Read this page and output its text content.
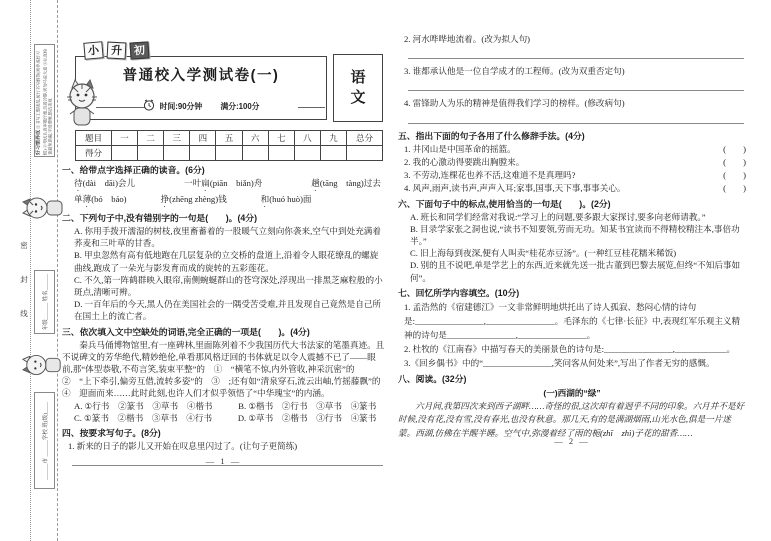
好习惯养成 ①书写工整规范,按行书写解答(须养成好习惯) ②考试认真审题仔细,沉着冷静,切勿马虎大意 ③认真检查避免错漏,字迹清晰,整洁美观
年级______ 姓名______
______市 ______学校 班(级)____
密
封
线
普通校入学测试卷(一)
时间:90分钟 满分:100分
语文
小 升 初
题目	一	二	三	四	五	六	七	八	九	总分
得分										
一、给带点字选择正确的读音。(6分)
待(dài　dāi)会儿	一叶扁(piān　biǎn)舟	趟(tāng　tàng)过去
单薄(bó　báo)	挣(zhēng zhèng)钱	和(huó huò)面
二、下列句子中,没有错别字的一句是(　　)。(4分)
A. 你用手拨开濡湿的树枝,夜里畜蓄着的一股暖气立刻向你袭来,空气中到处充满着荞麦和三叶草的甘香。
B. 甲虫忽然有高有低地跑在几层复杂的立交桥的盘道上,沿着令人眼花缭乱的螺旋曲线,跑成了一朵光与影发育而成的旋转的五彩莲花。
C. 不久,第一阵鹤群映入眼帘,南侧蜿蜒群山的苍穹深处,浮现出一排黑芝麻粒般的小斑点,清晰可辨。
D. 一百年后的今天,黑人仍在美国社会的一隅受苦受难,并且发现自己竟然是自己所在国土上的流亡者。
三、依次填入文中空缺处的词语,完全正确的一项是(　　)。(4分)
秦兵马俑博物馆里,有一座碑林,里面陈列着不少我国历代大书法家的笔墨真迹。且不说碑文的芳华绝代,精妙绝伦,单看那风格迂回的书体就足以令人震撼不已了——眼前,那“体型恭敬,不苟言笑,装束平整”的　①　“横笔不惊,内外管收,神采沉密”的　②　“上下牵引,偏旁互借,流转多姿”的　③　;还有如“清泉穿石,流云出岫,竹摇藤飘”的　④　迎面而来……此时此刻,也许人们才似乎领悟了“中华瑰宝”的内涵。
A. ①行书　②篆书　③草书　④楷书　　　B. ①楷书　②行书　③草书　④篆书
C. ①篆书　②楷书　③草书　④行书　　　D. ①草书　②楷书　③行书　④篆书
四、按要求写句子。(8分)
1. 新来的日子的影儿又开始在叹息里闪过了。(让句子更简练)
— 1 —
2. 河水哗哗地流着。(改为拟人句)
3. 谁都承认他是一位自学成才的工程师。(改为双重否定句)
4. 雷锋助人为乐的精神是值得我们学习的榜样。(修改病句)
五、指出下面的句子各用了什么修辞手法。(4分)
1. 井冈山是中国革命的摇篮。	(        )
2. 我的心激动得要跳出胸膛来。	(        )
3. 不劳动,连棵花也养不活,这难道不是真理吗?	(        )
4. 风声,雨声,读书声,声声入耳;家事,国事,天下事,事事关心。	(        )
六、下面句子中的标点,使用恰当的一句是(　　)。(2分)
A. 班长和同学们经常对我说:“学习上的问题,要多跟大家探讨,要多向老师请教。”
B. 目录学家张之洞也说,“读书不知要领,劳而无功。知某书宜读而不得精校精注本,事倍功半。”
C. 旧上海每到夜深,便有人叫卖“桂花赤豆汤”。(一种红豆桂花糯米稀饭)
D. 别的且不说吧,单是学艺上的东西,近来就先送一批古董到巴黎去展览,但终“不知后事如何”。
七、回忆所学内容填空。(10分)
1. 孟浩然的《宿建德江》一文非常鲜明地烘托出了诗人孤寂、愁闷心情的诗句是:________________,________________。毛泽东的《七律·长征》中,表现红军乐观主义精神的诗句是________________,________________。
2. 杜牧的《江南春》中描写春天的美丽景色的诗句是:________________,____________。
3.《回乡偶书》中的“________________,笑问客从何处来”,写出了作者无穷的感慨。
八、阅读。(32分)
(一)西湖的“绿”
六月间,我第四次来到西子湖畔……奇怪的很,这次却有着迥乎不同的印象。六月并不是好时候,没有花,没有雪,没有春光,也没有秋意。那几天,有的是满湖烟雨,山光水色,俱是一片迷蒙。西湖,仿佛在半醒半睡。空气中,弥漫着经了雨的栀(zhī　zhì)子花的甜香……
— 2 —
